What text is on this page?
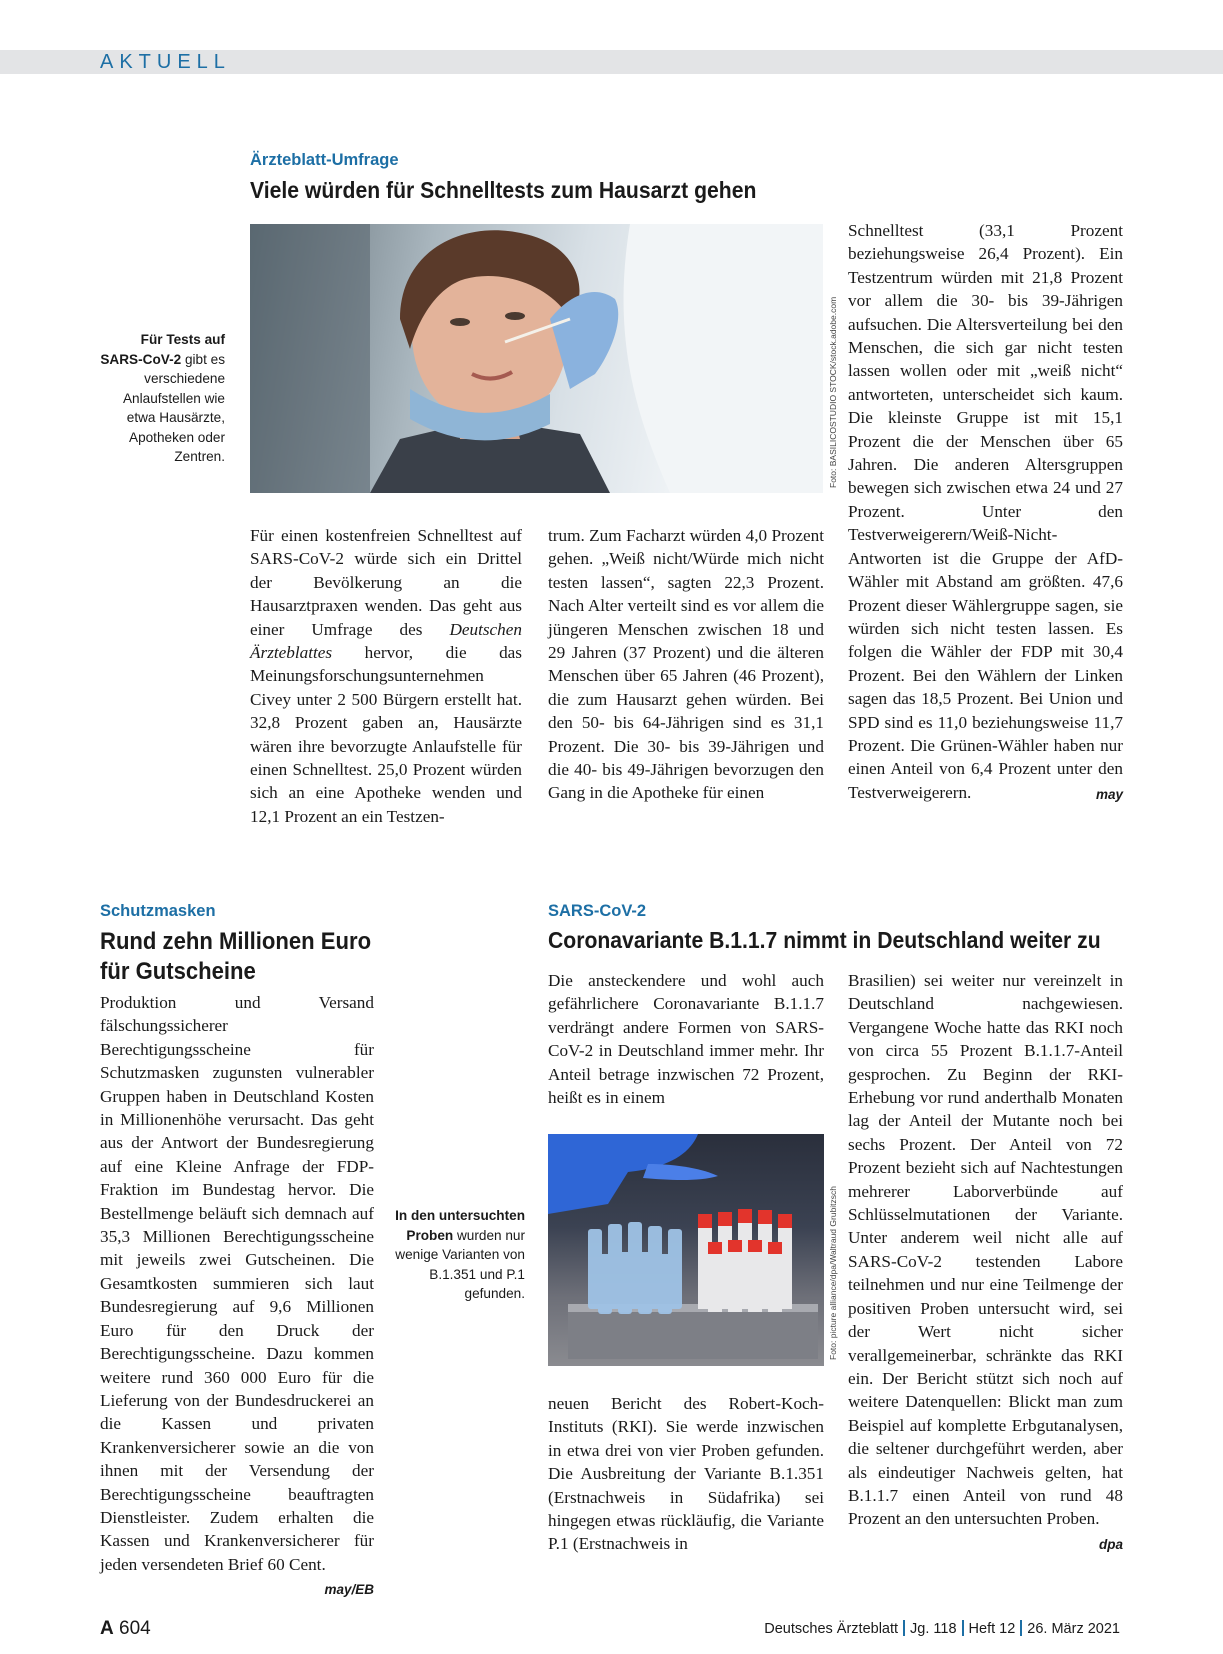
AKTUELL
Ärzteblatt-Umfrage
Viele würden für Schnelltests zum Hausarzt gehen
Für Tests auf SARS-CoV-2 gibt es verschiedene Anlaufstellen wie etwa Hausärzte, Apotheken oder Zentren.	Foto: BASILICOSTUDIO STOCK/stock.adobe.com
Für einen kostenfreien Schnelltest auf SARS-CoV-2 würde sich ein Drittel der Bevölkerung an die Hausarztpraxen wenden. Das geht aus einer Umfrage des Deutschen Ärzteblattes hervor, die das Meinungsforschungsunternehmen Civey unter 2 500 Bürgern erstellt hat. 32,8 Prozent gaben an, Hausärzte wären ihre bevorzugte Anlaufstelle für einen Schnelltest. 25,0 Prozent würden sich an eine Apotheke wenden und 12,1 Prozent an ein Testzen-
trum. Zum Facharzt würden 4,0 Prozent gehen. „Weiß nicht/Würde mich nicht testen lassen“, sagten 22,3 Prozent. Nach Alter verteilt sind es vor allem die jüngeren Menschen zwischen 18 und 29 Jahren (37 Prozent) und die älteren Menschen über 65 Jahren (46 Prozent), die zum Hausarzt gehen würden. Bei den 50- bis 64-Jährigen sind es 31,1 Prozent. Die 30- bis 39-Jährigen und die 40- bis 49-Jährigen bevorzugen den Gang in die Apotheke für einen
Schnelltest (33,1 Prozent beziehungsweise 26,4 Prozent). Ein Testzentrum würden mit 21,8 Prozent vor allem die 30- bis 39-Jährigen aufsuchen. Die Altersverteilung bei den Menschen, die sich gar nicht testen lassen wollen oder mit „weiß nicht“ antworteten, unterscheidet sich kaum. Die kleinste Gruppe ist mit 15,1 Prozent die der Menschen über 65 Jahren. Die anderen Altersgruppen bewegen sich zwischen etwa 24 und 27 Prozent. Unter den Testverweigerern/Weiß-Nicht-Antworten ist die Gruppe der AfD-Wähler mit Abstand am größten. 47,6 Prozent dieser Wählergruppe sagen, sie würden sich nicht testen lassen. Es folgen die Wähler der FDP mit 30,4 Prozent. Bei den Wählern der Linken sagen das 18,5 Prozent. Bei Union und SPD sind es 11,0 beziehungsweise 11,7 Prozent. Die Grünen-Wähler haben nur einen Anteil von 6,4 Prozent unter den Testverweigerern.	may
Schutzmasken
Rund zehn Millionen Euro
für Gutscheine
Produktion und Versand fälschungssicherer Berechtigungsscheine für Schutzmasken zugunsten vulnerabler Gruppen haben in Deutschland Kosten in Millionenhöhe verursacht. Das geht aus der Antwort der Bundesregierung auf eine Kleine Anfrage der FDP-Fraktion im Bundestag hervor. Die Bestellmenge beläuft sich demnach auf 35,3 Millionen Berechtigungsscheine mit jeweils zwei Gutscheinen. Die Gesamtkosten summieren sich laut Bundesregierung auf 9,6 Millionen Euro für den Druck der Berechtigungsscheine. Dazu kommen weitere rund 360 000 Euro für die Lieferung von der Bundesdruckerei an die Kassen und privaten Krankenversicherer sowie an die von ihnen mit der Versendung der Berechtigungsscheine beauftragten Dienstleister. Zudem erhalten die Kassen und Krankenversicherer für jeden versendeten Brief 60 Cent.
may/EB
SARS-CoV-2
Coronavariante B.1.1.7 nimmt in Deutschland weiter zu
Die ansteckendere und wohl auch gefährlichere Coronavariante B.1.1.7 verdrängt andere Formen von SARS-CoV-2 in Deutschland immer mehr. Ihr Anteil betrage inzwischen 72 Prozent, heißt es in einem
Foto: picture alliance/dpa/Waltraud Grubitzsch
In den untersuchten Proben wurden nur wenige Varianten von B.1.351 und P.1 gefunden.
neuen Bericht des Robert-Koch-Instituts (RKI). Sie werde inzwischen in etwa drei von vier Proben gefunden. Die Ausbreitung der Variante B.1.351 (Erstnachweis in Südafrika) sei hingegen etwas rückläufig, die Variante P.1 (Erstnachweis in
Brasilien) sei weiter nur vereinzelt in Deutschland nachgewiesen. Vergangene Woche hatte das RKI noch von circa 55 Prozent B.1.1.7-Anteil gesprochen. Zu Beginn der RKI-Erhebung vor rund anderthalb Monaten lag der Anteil der Mutante noch bei sechs Prozent. Der Anteil von 72 Prozent bezieht sich auf Nachtestungen mehrerer Laborverbünde auf Schlüsselmutationen der Variante. Unter anderem weil nicht alle auf SARS-CoV-2 testenden Labore teilnehmen und nur eine Teilmenge der positiven Proben untersucht wird, sei der Wert nicht sicher verallgemeinerbar, schränkte das RKI ein. Der Bericht stützt sich noch auf weitere Datenquellen: Blickt man zum Beispiel auf komplette Erbgutanalysen, die seltener durchgeführt werden, aber als eindeutiger Nachweis gelten, hat B.1.1.7 einen Anteil von rund 48 Prozent an den untersuchten Proben.
dpa
A 604	Deutsches Ärzteblatt Jg. 118 Heft 12 26. März 2021
